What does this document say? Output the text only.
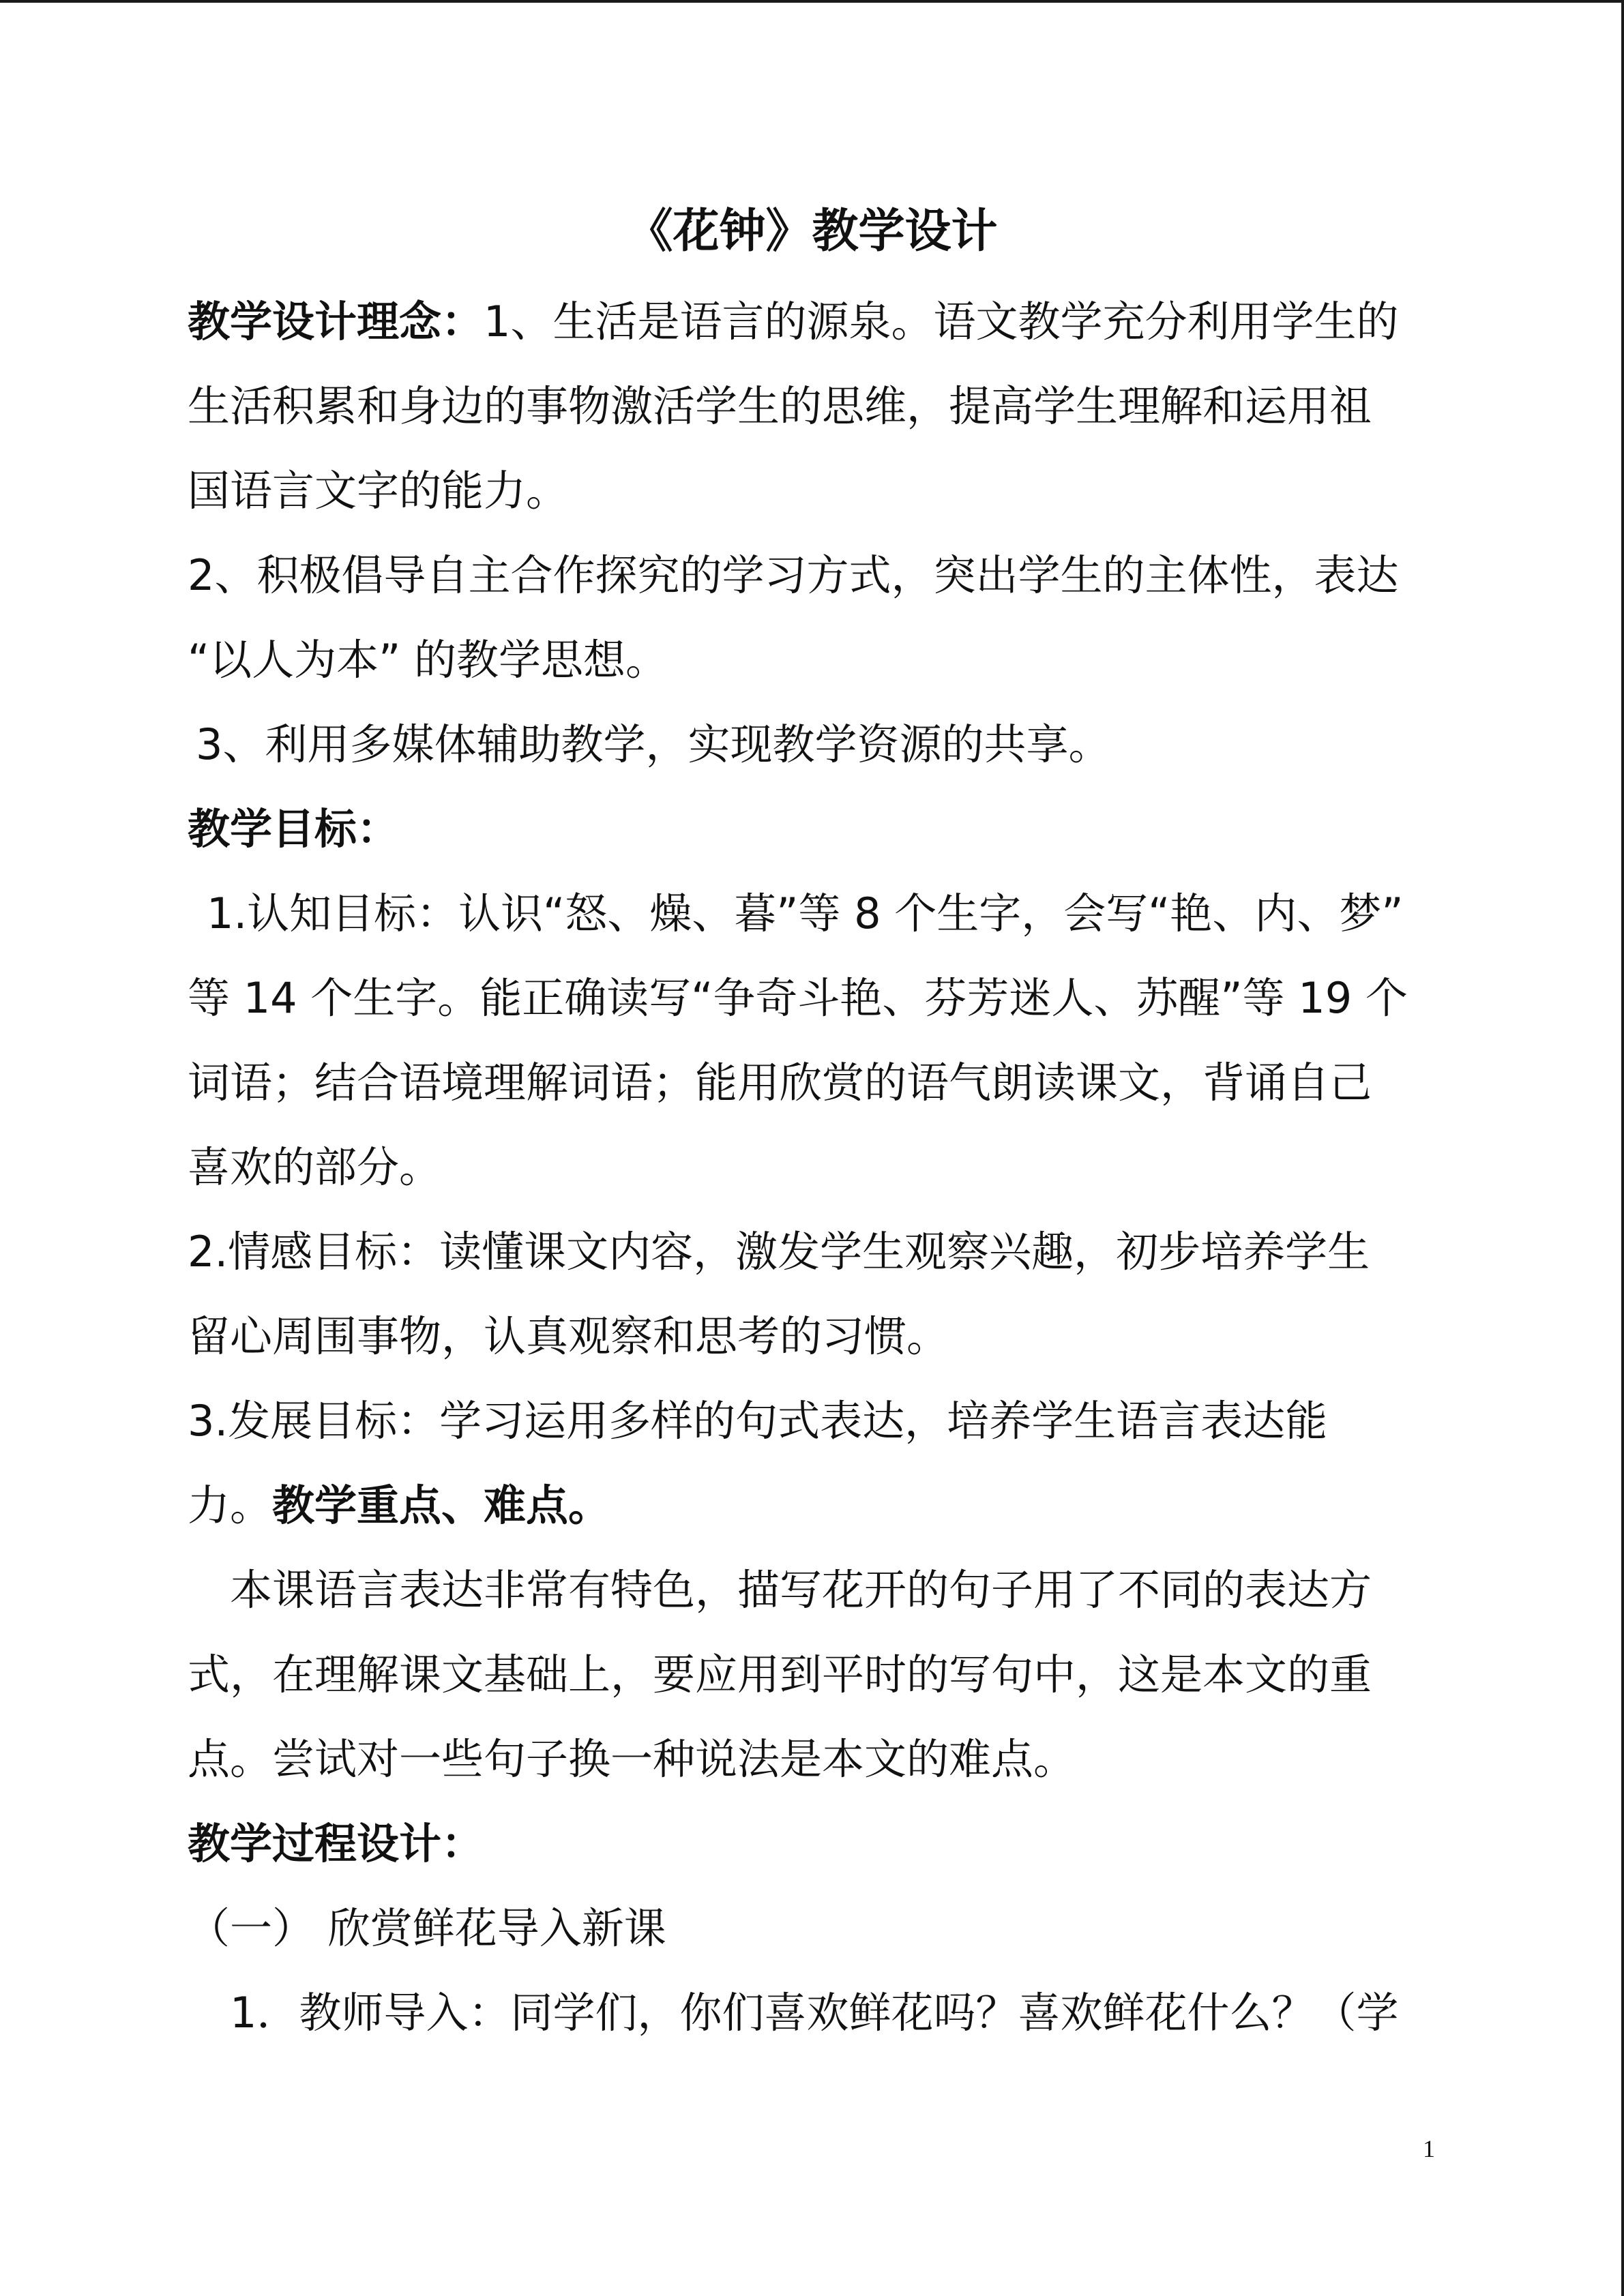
《花钟》教学设计

教学设计理念：1、生活是语言的源泉。语文教学充分利用学生的

生活积累和身边的事物激活学生的思维，提高学生理解和运用祖

国语言文字的能力。

2、积极倡导自主合作探究的学习方式，突出学生的主体性，表达

“以人为本” 的教学思想。

3、利用多媒体辅助教学，实现教学资源的共享。

教学目标：

1.认知目标：认识“怒、燥、暮”等 8 个生字，会写“艳、内、梦”

等 14 个生字。能正确读写“争奇斗艳、芬芳迷人、苏醒”等 19 个

词语；结合语境理解词语；能用欣赏的语气朗读课文，背诵自己

喜欢的部分。

2.情感目标：读懂课文内容，激发学生观察兴趣，初步培养学生

留心周围事物，认真观察和思考的习惯。

3.发展目标：学习运用多样的句式表达，培养学生语言表达能

力。教学重点、难点。

本课语言表达非常有特色，描写花开的句子用了不同的表达方

式，在理解课文基础上，要应用到平时的写句中，这是本文的重

点。尝试对一些句子换一种说法是本文的难点。

教学过程设计：

（一） 欣赏鲜花导入新课

1．教师导入：同学们，你们喜欢鲜花吗？喜欢鲜花什么？（学

1
